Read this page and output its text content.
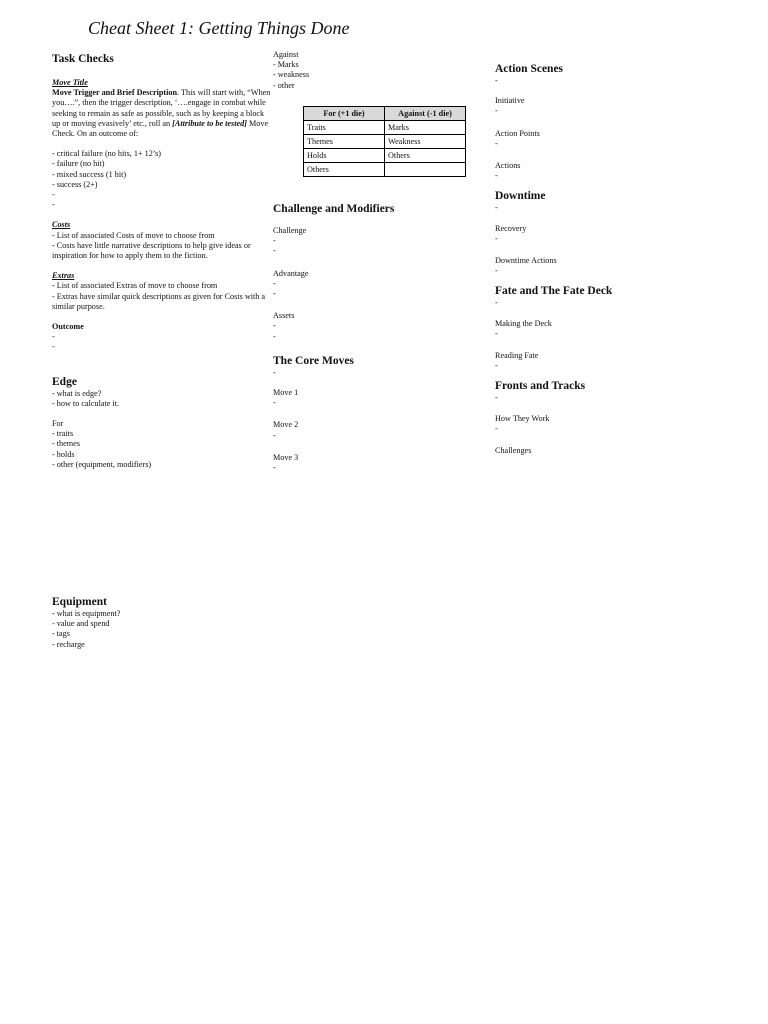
Cheat Sheet 1: Getting Things Done
Task Checks
Move Title
Move Trigger and Brief Description. This will start with, “When you….”, then the trigger description, ‘….engage in combat while seeking to remain as safe as possible, such as by keeping a block up or moving evasively’ etc., roll an [Attribute to be tested] Move Check. On an outcome of:
- critical failure (no hits, 1+ 12’s)
- failure (no hit)
- mixed success (1 hit)
- success (2+)
-
-
Costs
- List of associated Costs of move to choose from
- Costs have little narrative descriptions to help give ideas or inspiration for how to apply them to the fiction.
Extras
- List of associated Extras of move to choose from
- Extras have similar quick descriptions as given for Costs with a similar purpose.
Outcome
-
-
Edge
- what is edge?
- how to calculate it.
For
- traits
- themes
- holds
- other (equipment, modifiers)
Equipment
- what is equipment?
- value and spend
- tags
- recharge
Against
- Marks
- weakness
- other
For (+1 die)	Against (-1 die)
Traits	Marks
Themes	Weakness
Holds	Others
Others	
Challenge and Modifiers
Challenge
-
-
Advantage
-
-
Assets
-
-
The Core Moves
-
Move 1
-
Move 2
-
Move 3
-
Action Scenes
-
Initiative
-
Action Points
-
Actions
-
Downtime
-
Recovery
-
Downtime Actions
-
Fate and The Fate Deck
-
Making the Deck
-
Reading Fate
-
Fronts and Tracks
-
How They Work
-
Challenges
